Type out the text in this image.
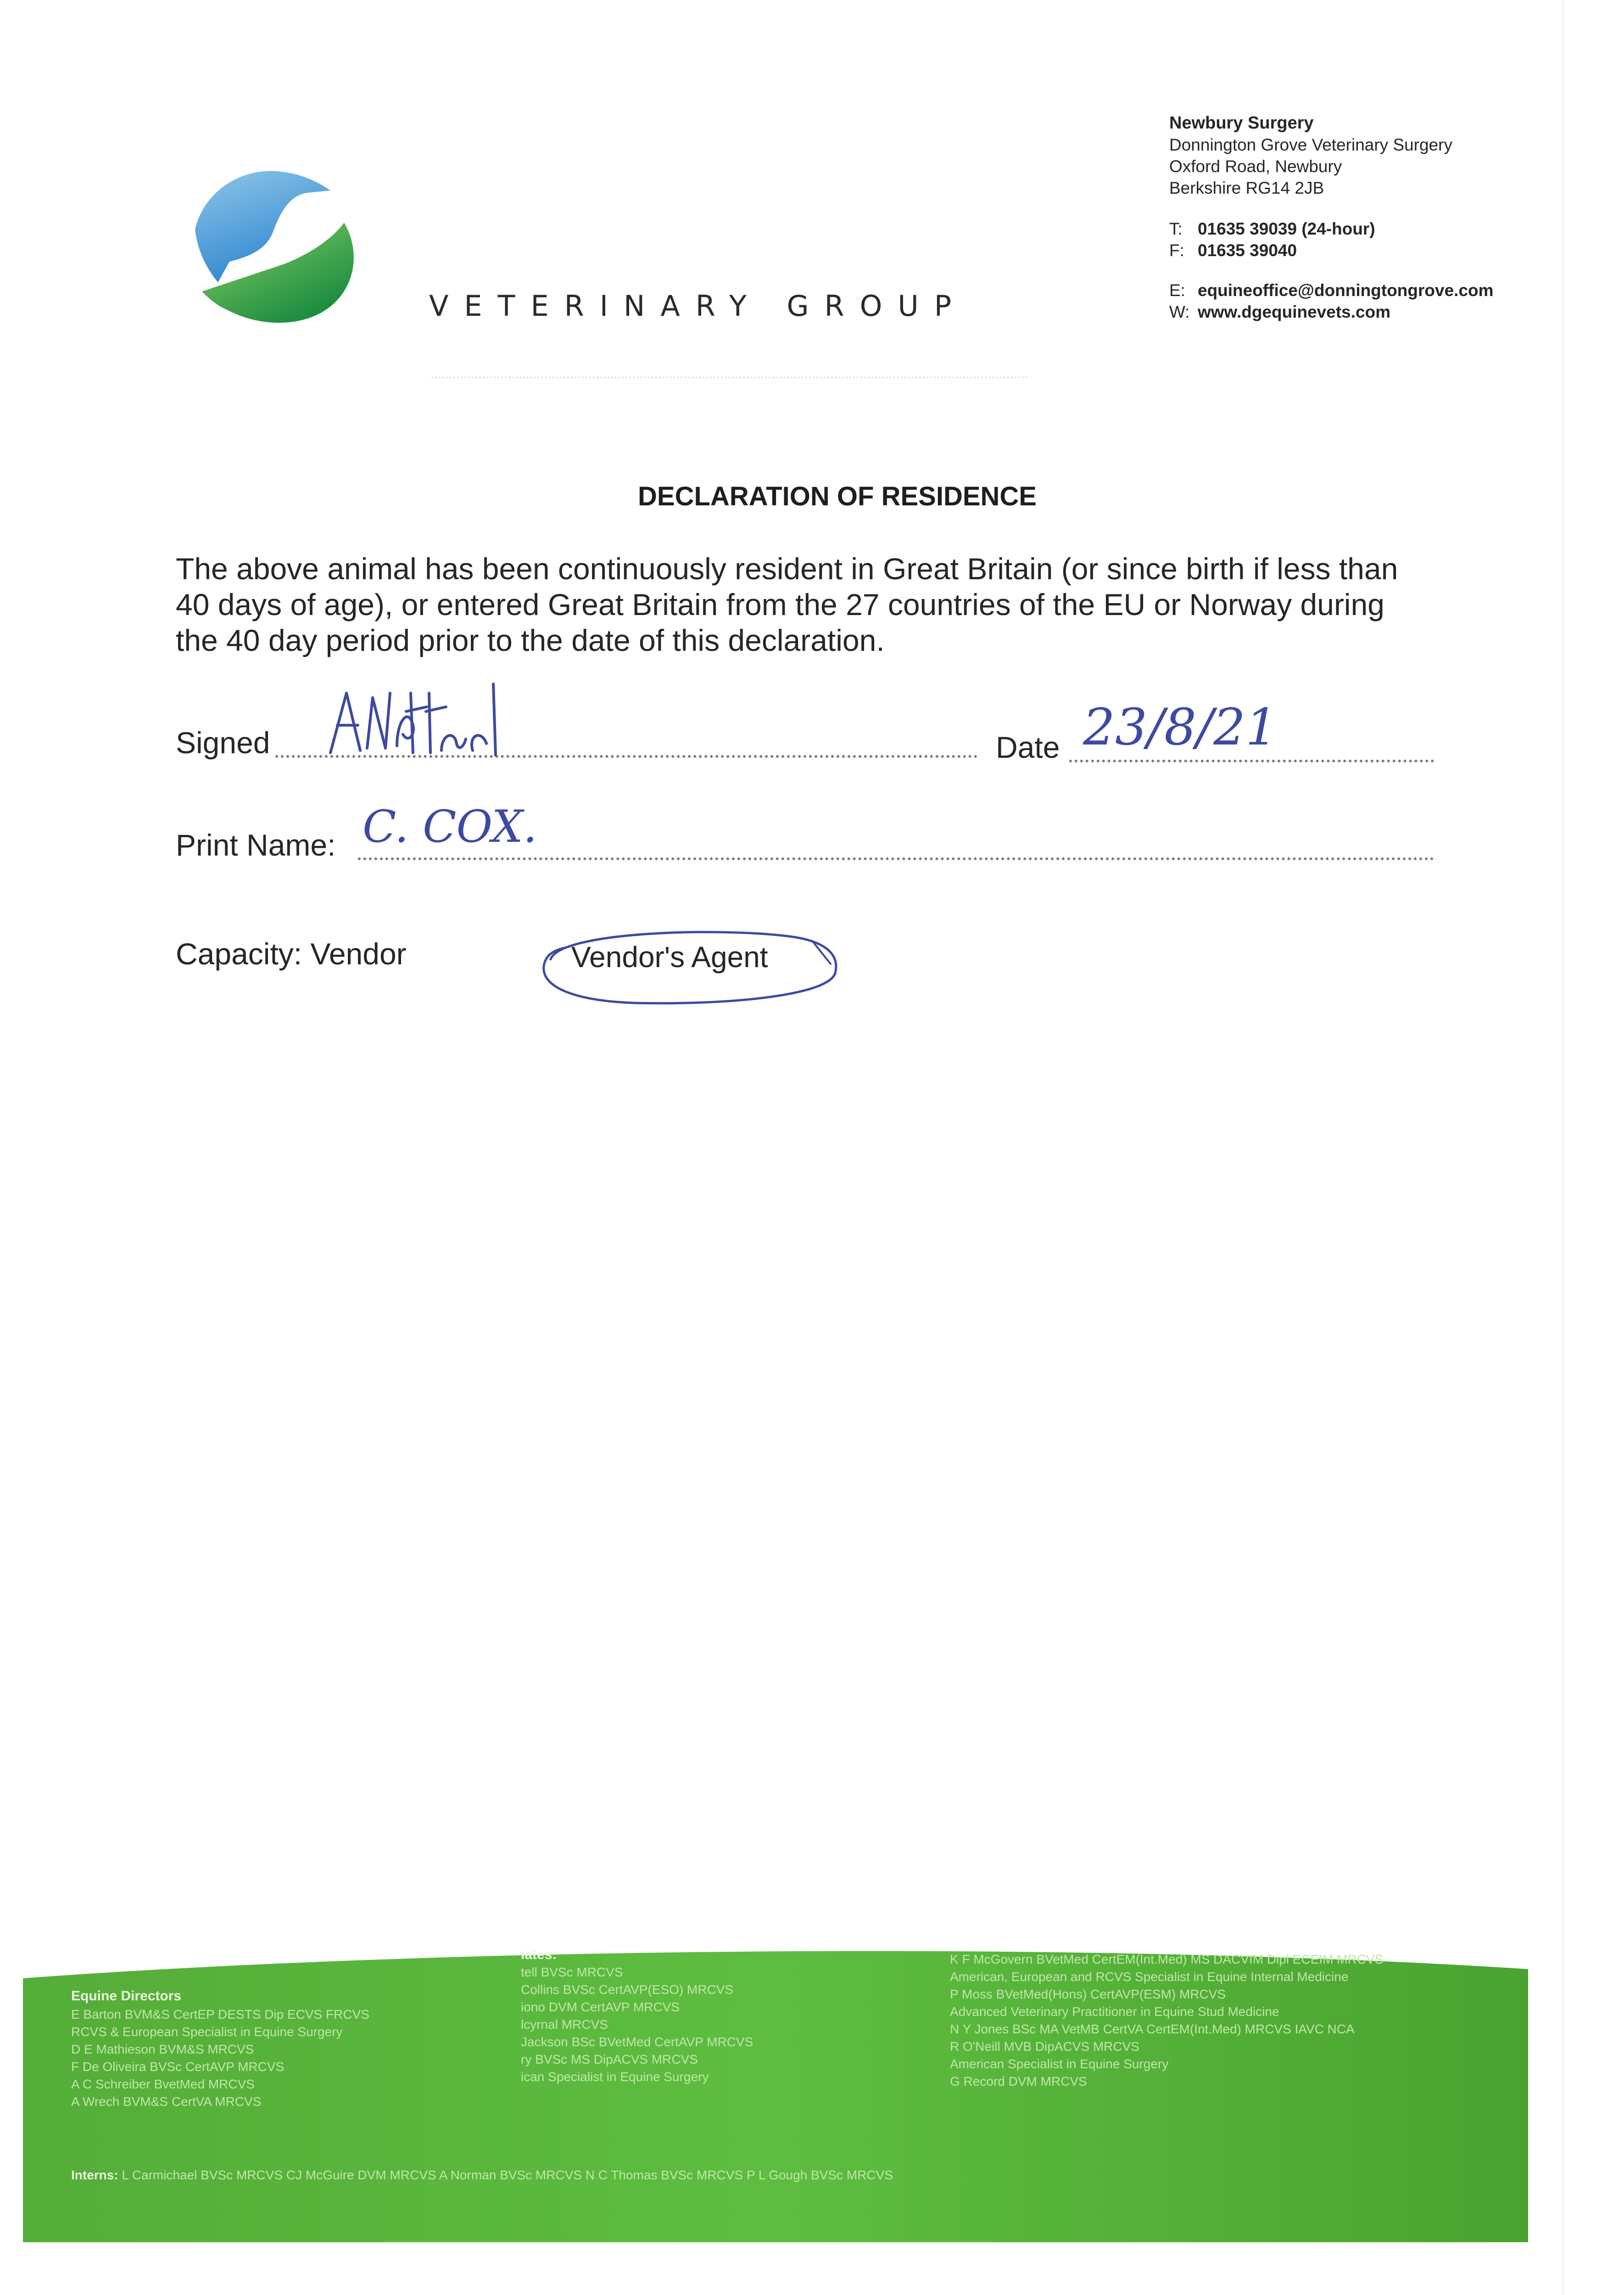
VETERINARY GROUP
Newbury Surgery
Donnington Grove Veterinary Surgery
Oxford Road, Newbury
Berkshire RG14 2JB
T: 01635 39039 (24-hour)
F: 01635 39040
E: equineoffice@donningtongrove.com
W: www.dgequinevets.com
DECLARATION OF RESIDENCE
The above animal has been continuously resident in Great Britain (or since birth if less than
40 days of age), or entered Great Britain from the 27 countries of the EU or Norway during
the 40 day period prior to the date of this declaration.
Signed	Date 23/8/21
Print Name: C. COX.
Capacity: Vendor	Vendor's Agent
Equine Directors
E Barton BVM&S CertEP DESTS Dip ECVS FRCVS
RCVS & European Specialist in Equine Surgery
D E Mathieson BVM&S MRCVS
F De Oliveira BVSc CertAVP MRCVS
A C Schreiber BvetMed MRCVS
A Wrech BVM&S CertVA MRCVS
iates:
tell BVSc MRCVS
Collins BVSc CertAVP(ESO) MRCVS
iono DVM CertAVP MRCVS
lcyrnal MRCVS
Jackson BSc BVetMed CertAVP MRCVS
ry BVSc MS DipACVS MRCVS
ican Specialist in Equine Surgery
K F McGovern BVetMed CertEM(Int.Med) MS DACVIM Dipl ECEIM MRCVS
American, European and RCVS Specialist in Equine Internal Medicine
P Moss BVetMed(Hons) CertAVP(ESM) MRCVS
Advanced Veterinary Practitioner in Equine Stud Medicine
N Y Jones BSc MA VetMB CertVA CertEM(Int.Med) MRCVS IAVC NCA
R O'Neill MVB DipACVS MRCVS
American Specialist in Equine Surgery
G Record DVM MRCVS
Interns: L Carmichael BVSc MRCVS CJ McGuire DVM MRCVS A Norman BVSc MRCVS N C Thomas BVSc MRCVS P L Gough BVSc MRCVS
